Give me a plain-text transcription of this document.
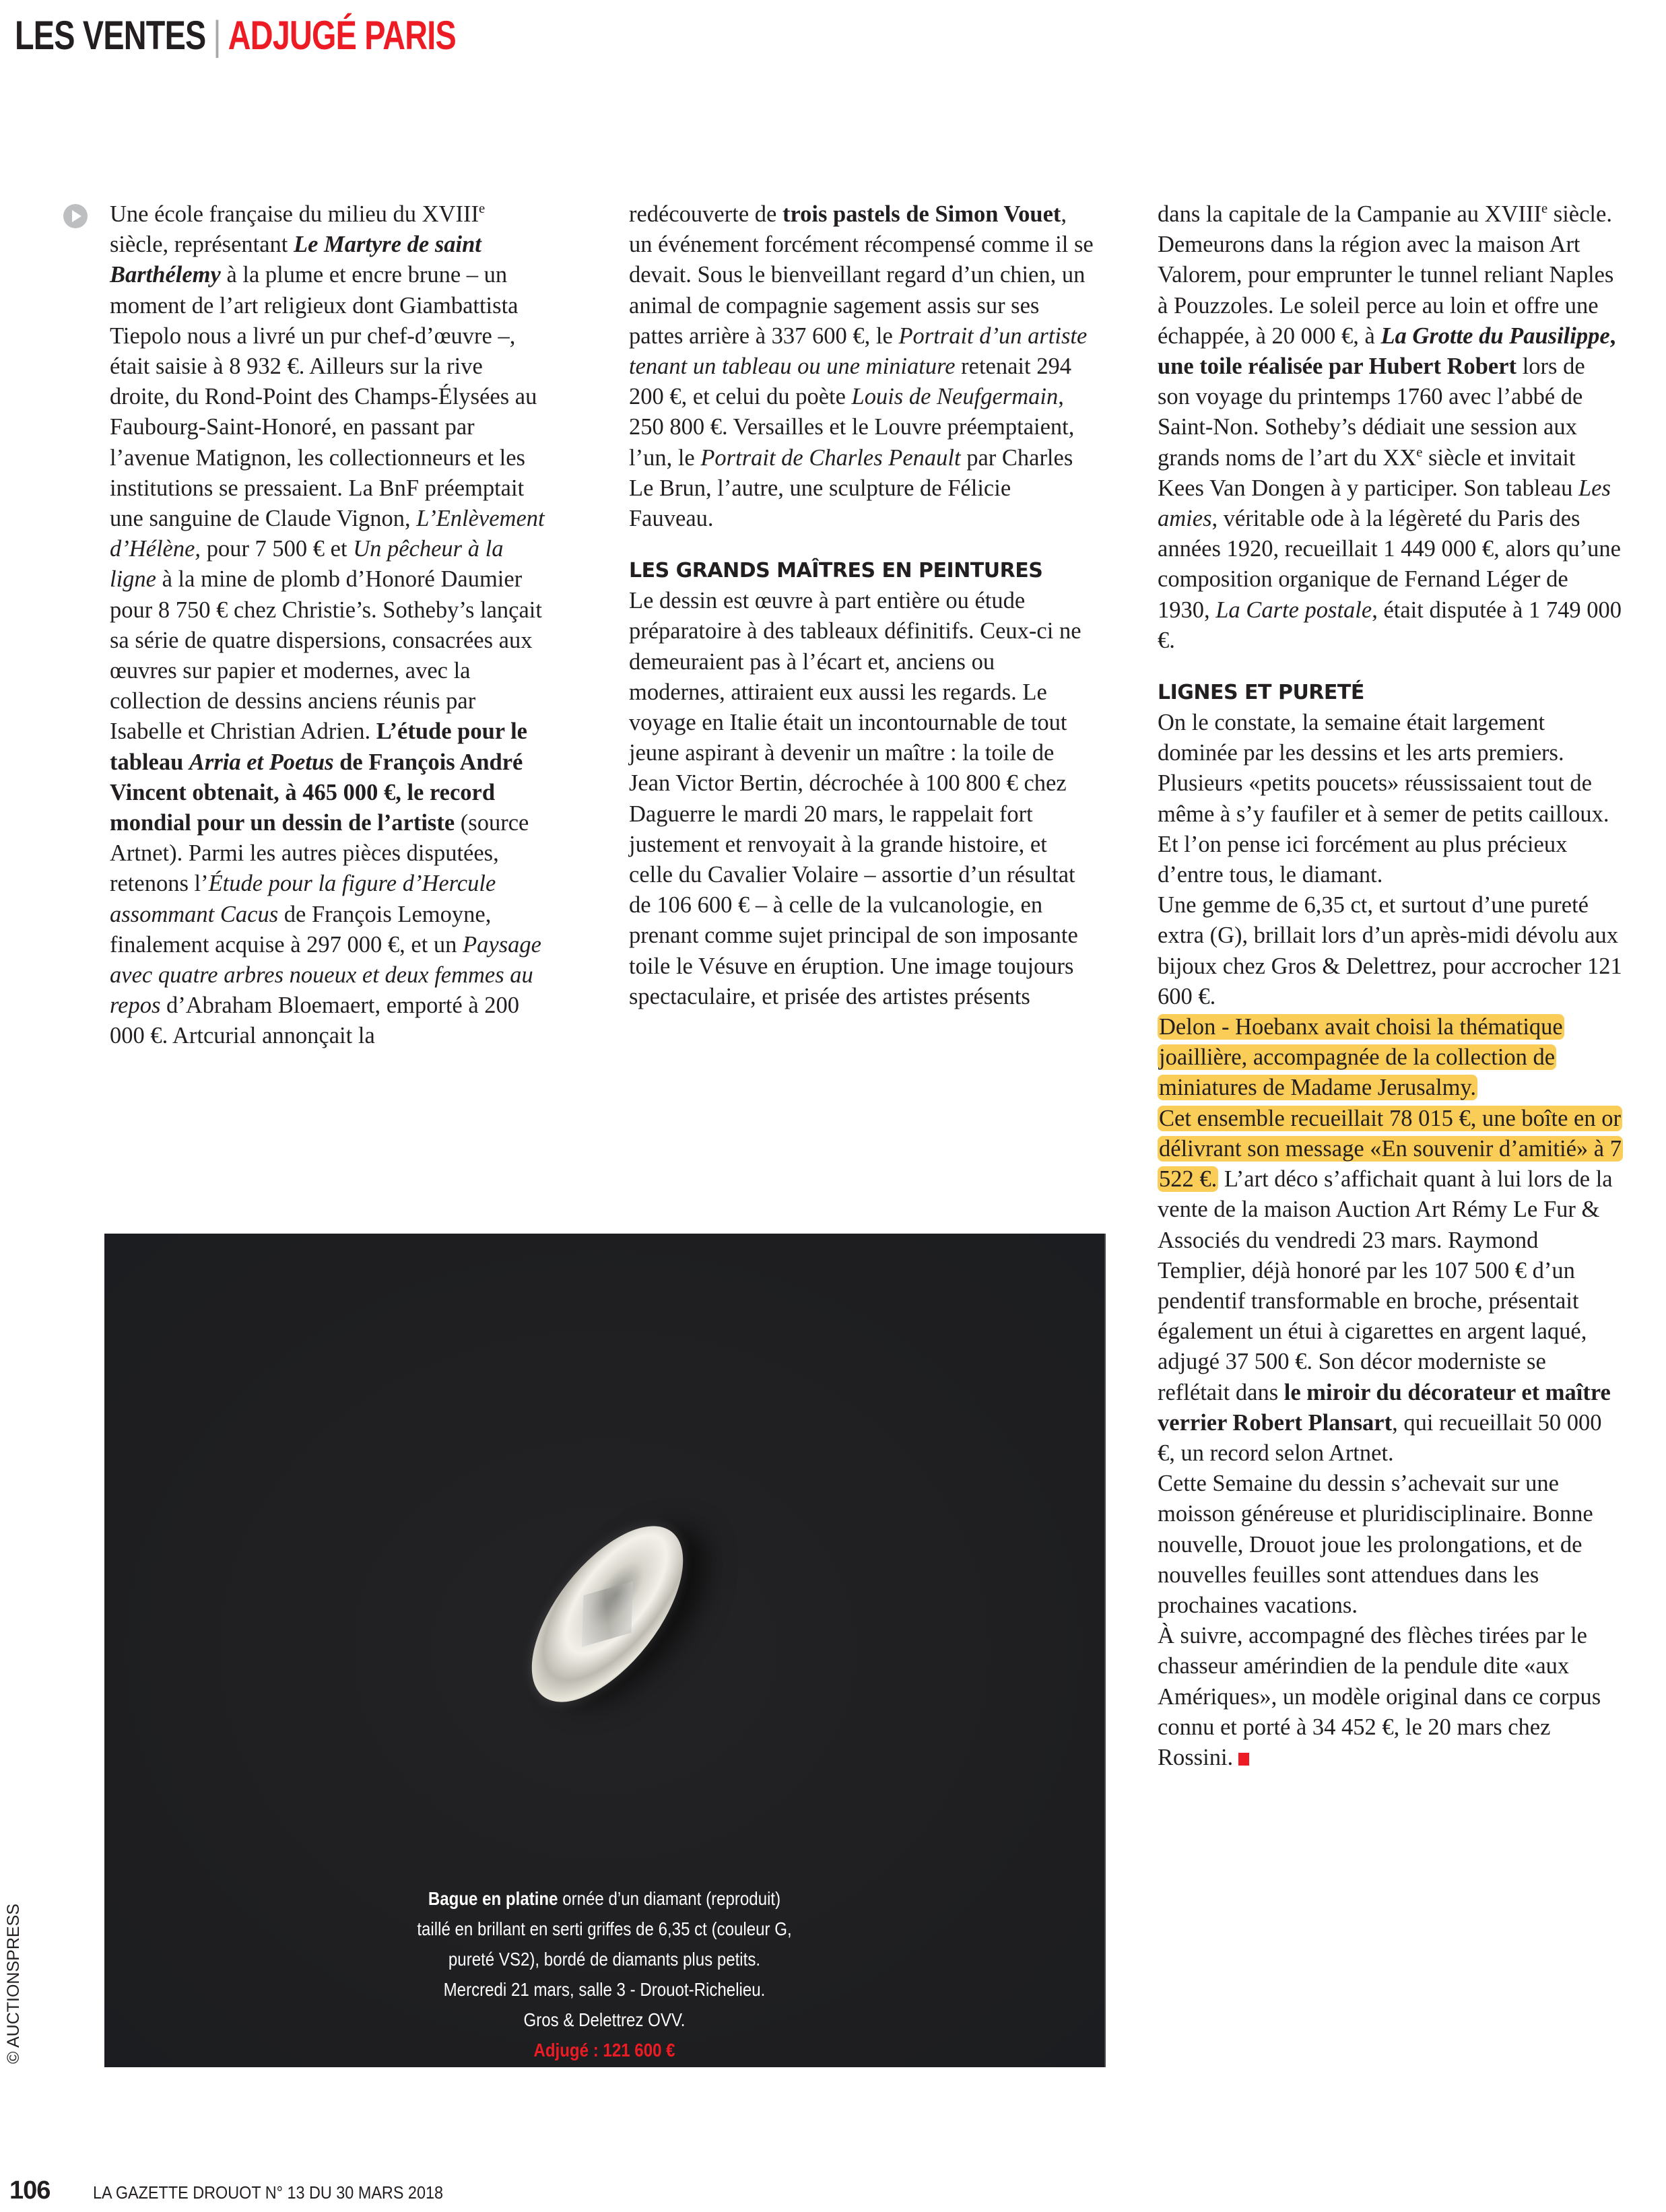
LES VENTES | ADJUGÉ PARIS

Une école française du milieu du XVIIIe siècle, représentant Le Martyre de saint Barthélemy à la plume et encre brune – un moment de l’art religieux dont Giambattista Tiepolo nous a livré un pur chef-d’œuvre –, était saisie à 8 932 €. Ailleurs sur la rive droite, du Rond-Point des Champs-Élysées au Faubourg-Saint-Honoré, en passant par l’avenue Matignon, les collectionneurs et les institutions se pressaient. La BnF préemptait une sanguine de Claude Vignon, L’Enlèvement d’Hélène, pour 7 500 € et Un pêcheur à la ligne à la mine de plomb d’Honoré Daumier pour 8 750 € chez Christie’s. Sotheby’s lançait sa série de quatre dispersions, consacrées aux œuvres sur papier et modernes, avec la collection de dessins anciens réunis par Isabelle et Christian Adrien. L’étude pour le tableau Arria et Poetus de François André Vincent obtenait, à 465 000 €, le record mondial pour un dessin de l’artiste (source Artnet). Parmi les autres pièces disputées, retenons l’Étude pour la figure d’Hercule assommant Cacus de François Lemoyne, finalement acquise à 297 000 €, et un Paysage avec quatre arbres noueux et deux femmes au repos d’Abraham Bloemaert, emporté à 200 000 €. Artcurial annonçait la

redécouverte de trois pastels de Simon Vouet, un événement forcément récompensé comme il se devait. Sous le bienveillant regard d’un chien, un animal de compagnie sagement assis sur ses pattes arrière à 337 600 €, le Portrait d’un artiste tenant un tableau ou une miniature retenait 294 200 €, et celui du poète Louis de Neufgermain, 250 800 €. Versailles et le Louvre préemptaient, l’un, le Portrait de Charles Penault par Charles Le Brun, l’autre, une sculpture de Félicie Fauveau.

LES GRANDS MAÎTRES EN PEINTURES

Le dessin est œuvre à part entière ou étude préparatoire à des tableaux définitifs. Ceux-ci ne demeuraient pas à l’écart et, anciens ou modernes, attiraient eux aussi les regards. Le voyage en Italie était un incontournable de tout jeune aspirant à devenir un maître : la toile de Jean Victor Bertin, décrochée à 100 800 € chez Daguerre le mardi 20 mars, le rappelait fort justement et renvoyait à la grande histoire, et celle du Cavalier Volaire – assortie d’un résultat de 106 600 € – à celle de la vulcanologie, en prenant comme sujet principal de son imposante toile le Vésuve en éruption. Une image toujours spectaculaire, et prisée des artistes présents

dans la capitale de la Campanie au XVIIIe siècle. Demeurons dans la région avec la maison Art Valorem, pour emprunter le tunnel reliant Naples à Pouzzoles. Le soleil perce au loin et offre une échappée, à 20 000 €, à La Grotte du Pausilippe, une toile réalisée par Hubert Robert lors de son voyage du printemps 1760 avec l’abbé de Saint-Non. Sotheby’s dédiait une session aux grands noms de l’art du XXe siècle et invitait Kees Van Dongen à y participer. Son tableau Les amies, véritable ode à la légèreté du Paris des années 1920, recueillait 1 449 000 €, alors qu’une composition organique de Fernand Léger de 1930, La Carte postale, était disputée à 1 749 000 €.

LIGNES ET PURETÉ

On le constate, la semaine était largement dominée par les dessins et les arts premiers. Plusieurs «petits poucets» réussissaient tout de même à s’y faufiler et à semer de petits cailloux. Et l’on pense ici forcément au plus précieux d’entre tous, le diamant.

Une gemme de 6,35 ct, et surtout d’une pureté extra (G), brillait lors d’un après-midi dévolu aux bijoux chez Gros & Delettrez, pour accrocher 121 600 €.

Delon - Hoebanx avait choisi la thématique joaillière, accompagnée de la collection de miniatures de Madame Jerusalmy.

Cet ensemble recueillait 78 015 €, une boîte en or délivrant son message «En souvenir d’amitié» à 7 522 €. L’art déco s’affichait quant à lui lors de la vente de la maison Auction Art Rémy Le Fur & Associés du vendredi 23 mars. Raymond Templier, déjà honoré par les 107 500 € d’un pendentif transformable en broche, présentait également un étui à cigarettes en argent laqué, adjugé 37 500 €. Son décor moderniste se reflétait dans le miroir du décorateur et maître verrier Robert Plansart, qui recueillait 50 000 €, un record selon Artnet.

Cette Semaine du dessin s’achevait sur une moisson généreuse et pluridisciplinaire. Bonne nouvelle, Drouot joue les prolongations, et de nouvelles feuilles sont attendues dans les prochaines vacations.

À suivre, accompagné des flèches tirées par le chasseur amérindien de la pendule dite «aux Amériques», un modèle original dans ce corpus connu et porté à 34 452 €, le 20 mars chez Rossini.

Bague en platine ornée d’un diamant (reproduit)
taillé en brillant en serti griffes de 6,35 ct (couleur G,
pureté VS2), bordé de diamants plus petits.
Mercredi 21 mars, salle 3 - Drouot-Richelieu.
Gros & Delettrez OVV.
Adjugé : 121 600 €
© AUCTIONSPRESS
106 LA GAZETTE DROUOT N° 13 DU 30 MARS 2018
